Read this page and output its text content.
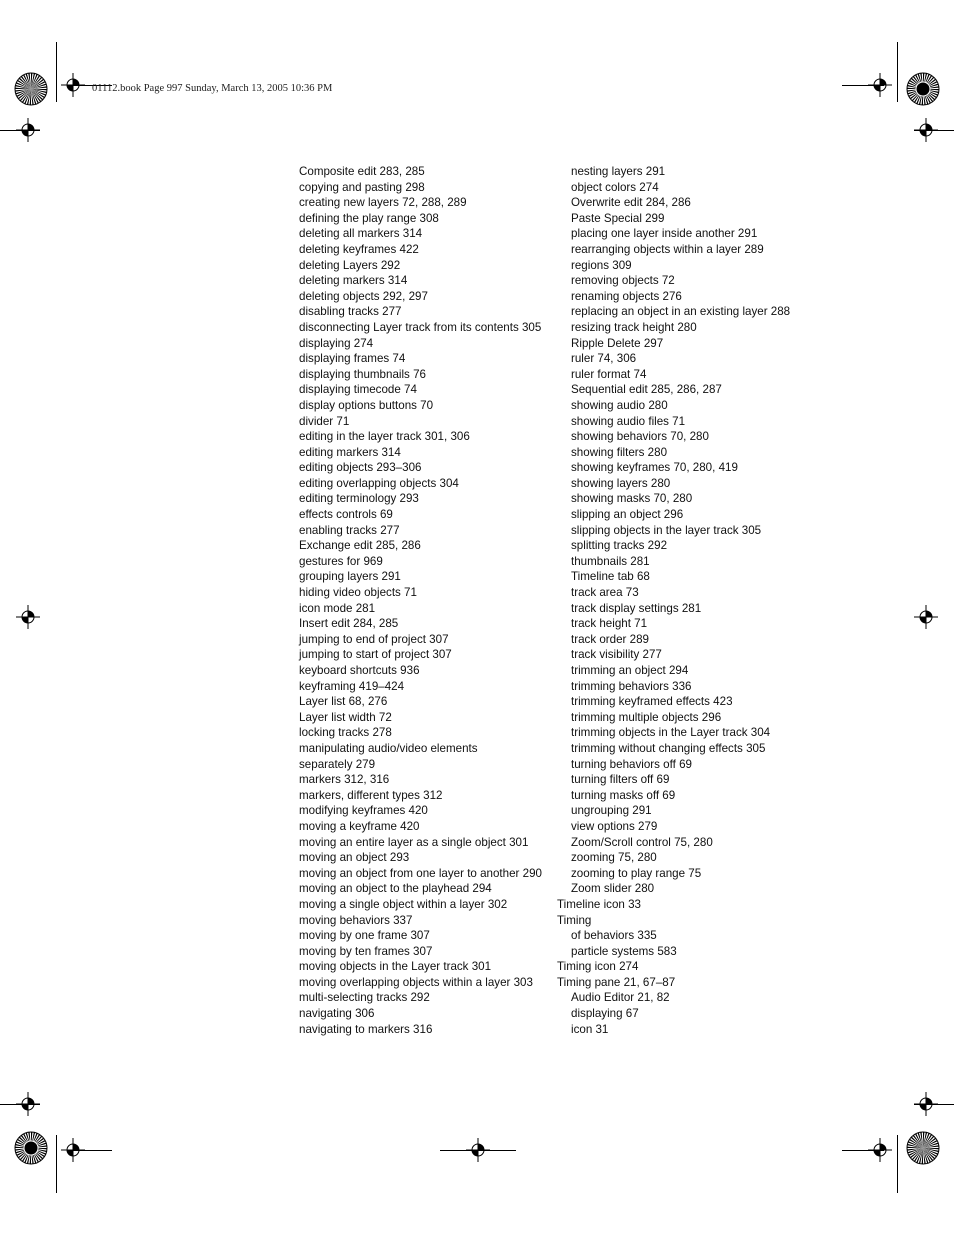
01112.book Page 997 Sunday, March 13, 2005 10:36 PM
Composite edit 283, 285
copying and pasting 298
creating new layers 72, 288, 289
defining the play range 308
deleting all markers 314
deleting keyframes 422
deleting Layers 292
deleting markers 314
deleting objects 292, 297
disabling tracks 277
disconnecting Layer track from its contents 305
displaying 274
displaying frames 74
displaying thumbnails 76
displaying timecode 74
display options buttons 70
divider 71
editing in the layer track 301, 306
editing markers 314
editing objects 293–306
editing overlapping objects 304
editing terminology 293
effects controls 69
enabling tracks 277
Exchange edit 285, 286
gestures for 969
grouping layers 291
hiding video objects 71
icon mode 281
Insert edit 284, 285
jumping to end of project 307
jumping to start of project 307
keyboard shortcuts 936
keyframing 419–424
Layer list 68, 276
Layer list width 72
locking tracks 278
manipulating audio/video elements
separately 279
markers 312, 316
markers, different types 312
modifying keyframes 420
moving a keyframe 420
moving an entire layer as a single object 301
moving an object 293
moving an object from one layer to another 290
moving an object to the playhead 294
moving a single object within a layer 302
moving behaviors 337
moving by one frame 307
moving by ten frames 307
moving objects in the Layer track 301
moving overlapping objects within a layer 303
multi-selecting tracks 292
navigating 306
navigating to markers 316
nesting layers 291
object colors 274
Overwrite edit 284, 286
Paste Special 299
placing one layer inside another 291
rearranging objects within a layer 289
regions 309
removing objects 72
renaming objects 276
replacing an object in an existing layer 288
resizing track height 280
Ripple Delete 297
ruler 74, 306
ruler format 74
Sequential edit 285, 286, 287
showing audio 280
showing audio files 71
showing behaviors 70, 280
showing filters 280
showing keyframes 70, 280, 419
showing layers 280
showing masks 70, 280
slipping an object 296
slipping objects in the layer track 305
splitting tracks 292
thumbnails 281
Timeline tab 68
track area 73
track display settings 281
track height 71
track order 289
track visibility 277
trimming an object 294
trimming behaviors 336
trimming keyframed effects 423
trimming multiple objects 296
trimming objects in the Layer track 304
trimming without changing effects 305
turning behaviors off 69
turning filters off 69
turning masks off 69
ungrouping 291
view options 279
Zoom/Scroll control 75, 280
zooming 75, 280
zooming to play range 75
Zoom slider 280
Timeline icon 33
Timing
of behaviors 335
particle systems 583
Timing icon 274
Timing pane 21, 67–87
Audio Editor 21, 82
displaying 67
icon 31
